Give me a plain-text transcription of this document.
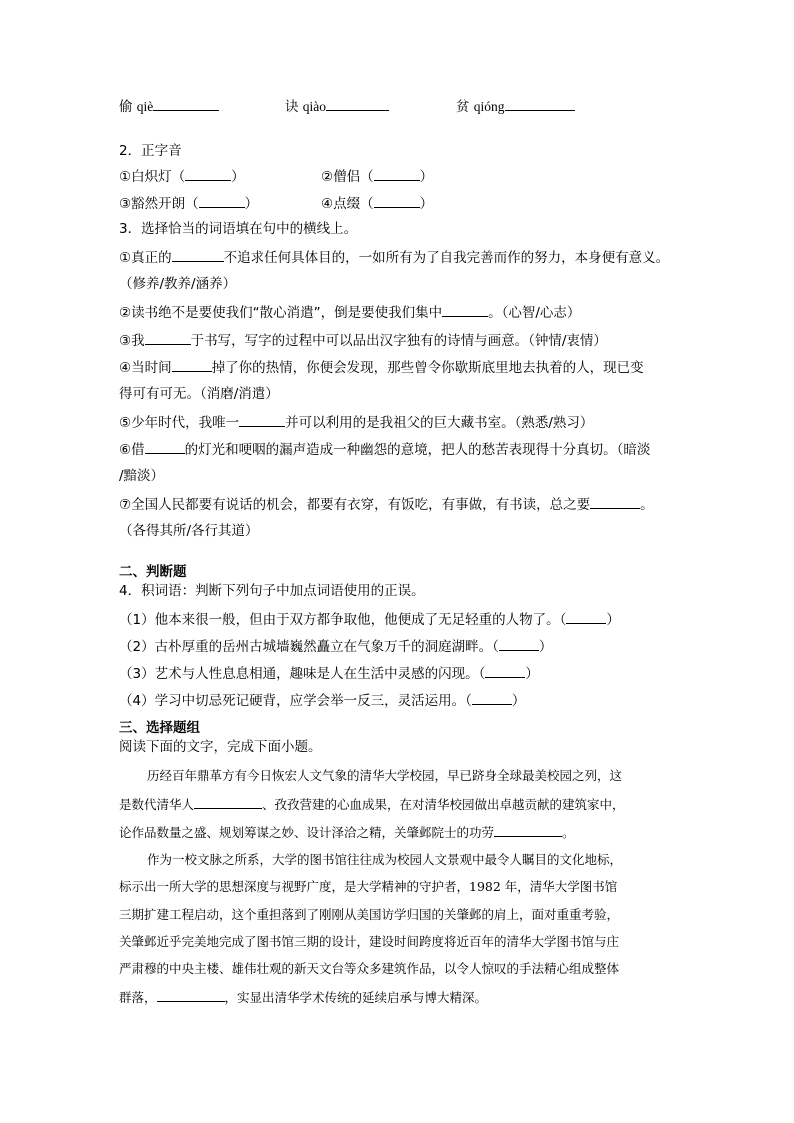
偷 qiè	诀 qiào	贫 qióng
2．正字音
①白炽灯（	）	②僧侣（	）
③豁然开朗（	）	④点缀（	）
3．选择恰当的词语填在句中的横线上。
①真正的	不追求任何具体目的，一如所有为了自我完善而作的努力，本身便有意义。
（修养/教养/涵养）
②读书绝不是要使我们“散心消遣”，倒是要使我们集中	。（心智/心志）
③我	于书写，写字的过程中可以品出汉字独有的诗情与画意。（钟情/衷情）
④当时间	掉了你的热情，你便会发现，那些曾令你歇斯底里地去执着的人，现已变
得可有可无。（消磨/消遣）
⑤少年时代，我唯一	并可以利用的是我祖父的巨大藏书室。（熟悉/熟习）
⑥借	的灯光和哽咽的漏声造成一种幽怨的意境，把人的愁苦表现得十分真切。（暗淡
/黯淡）
⑦全国人民都要有说话的机会，都要有衣穿，有饭吃，有事做，有书读，总之要	。
（各得其所/各行其道）
二、判断题
4．积词语：判断下列句子中加点词语使用的正误。
（1）他本来很一般，但由于双方都争取他，他便成了无足轻重的人物了。（	）
（2）古朴厚重的岳州古城墙巍然矗立在气象万千的洞庭湖畔。（	）
（3）艺术与人性息息相通，趣味是人在生活中灵感的闪现。（	）
（4）学习中切忌死记硬背，应学会举一反三，灵活运用。（	）
三、选择题组
阅读下面的文字，完成下面小题。
历经百年鼎革方有今日恢宏人文气象的清华大学校园，早已跻身全球最美校园之列，这
是数代清华人	、孜孜营建的心血成果，在对清华校园做出卓越贡献的建筑家中，
论作品数量之盛、规划筹谋之妙、设计泽洽之精，关肇邺院士的功劳	。
作为一校文脉之所系，大学的图书馆往往成为校园人文景观中最令人瞩目的文化地标，
标示出一所大学的思想深度与视野广度，是大学精神的守护者，1982 年，清华大学图书馆
三期扩建工程启动，这个重担落到了刚刚从美国访学归国的关肇邺的肩上，面对重重考验，
关肇邺近乎完美地完成了图书馆三期的设计，建设时间跨度将近百年的清华大学图书馆与庄
严肃穆的中央主楼、雄伟壮观的新天文台等众多建筑作品，以令人惊叹的手法精心组成整体
群落，	，实显出清华学术传统的延续启承与博大精深。
